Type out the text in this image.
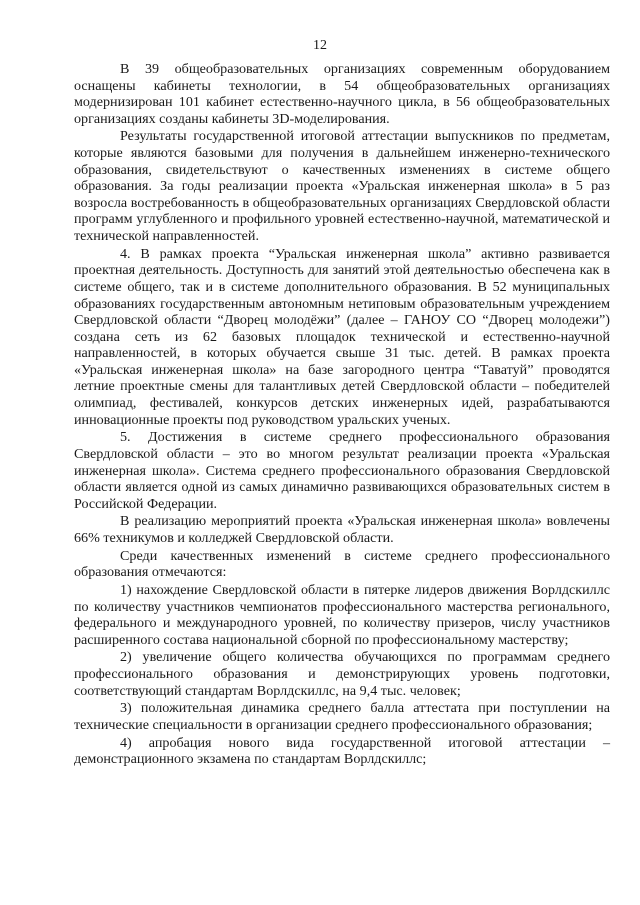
12

В 39 общеобразовательных организациях современным оборудованием оснащены кабинеты технологии, в 54 общеобразовательных организациях модернизирован 101 кабинет естественно-научного цикла, в 56 общеобразовательных организациях созданы кабинеты 3D-моделирования.

Результаты государственной итоговой аттестации выпускников по предметам, которые являются базовыми для получения в дальнейшем инженерно-технического образования, свидетельствуют о качественных изменениях в системе общего образования. За годы реализации проекта «Уральская инженерная школа» в 5 раз возросла востребованность в общеобразовательных организациях Свердловской области программ углубленного и профильного уровней естественно-научной, математической и технической направленностей.

4. В рамках проекта “Уральская инженерная школа” активно развивается проектная деятельность. Доступность для занятий этой деятельностью обеспечена как в системе общего, так и в системе дополнительного образования. В 52 муниципальных образованиях государственным автономным нетиповым образовательным учреждением Свердловской области “Дворец молодёжи” (далее – ГАНОУ СО “Дворец молодежи”) создана сеть из 62 базовых площадок технической и естественно-научной направленностей, в которых обучается свыше 31 тыс. детей. В рамках проекта «Уральская инженерная школа» на базе загородного центра “Таватуй” проводятся летние проектные смены для талантливых детей Свердловской области – победителей олимпиад, фестивалей, конкурсов детских инженерных идей, разрабатываются инновационные проекты под руководством уральских ученых.

5. Достижения в системе среднего профессионального образования Свердловской области – это во многом результат реализации проекта «Уральская инженерная школа». Система среднего профессионального образования Свердловской области является одной из самых динамично развивающихся образовательных систем в Российской Федерации.

В реализацию мероприятий проекта «Уральская инженерная школа» вовлечены 66% техникумов и колледжей Свердловской области.

Среди качественных изменений в системе среднего профессионального образования отмечаются:

1) нахождение Свердловской области в пятерке лидеров движения Ворлдскиллс по количеству участников чемпионатов профессионального мастерства регионального, федерального и международного уровней, по количеству призеров, числу участников расширенного состава национальной сборной по профессиональному мастерству;

2) увеличение общего количества обучающихся по программам среднего профессионального образования и демонстрирующих уровень подготовки, соответствующий стандартам Ворлдскиллс, на 9,4 тыс. человек;

3) положительная динамика среднего балла аттестата при поступлении на технические специальности в организации среднего профессионального образования;

4) апробация нового вида государственной итоговой аттестации – демонстрационного экзамена по стандартам Ворлдскиллс;
